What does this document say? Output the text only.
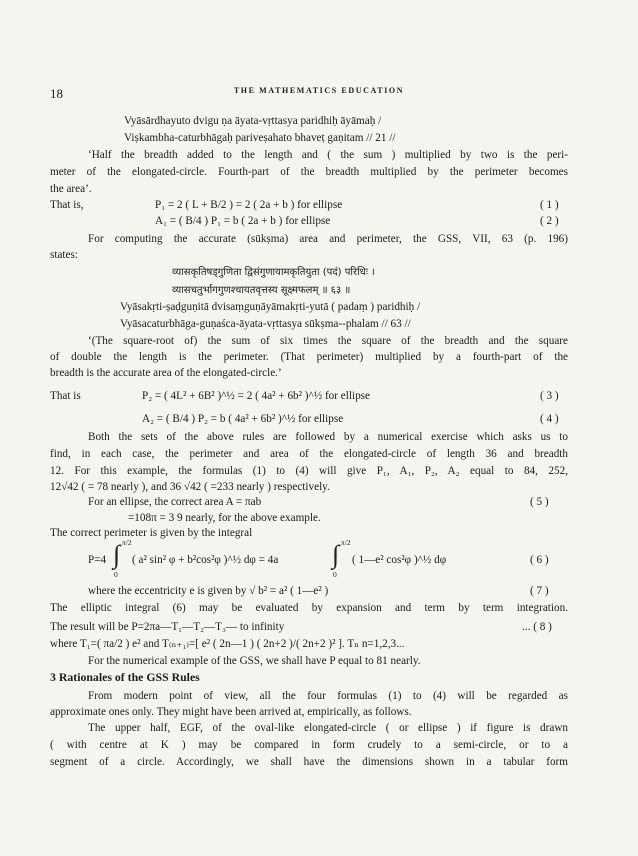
18	THE MATHEMATICS EDUCATION
Vyāsārdhayuto dvigu ṇa āyata-vṛttasya paridhiḥ āyāmaḥ /
Viṣkambha-caturbhāgaḥ pariveṣahato bhaveṭ gaṇitam // 21 //
‘Half the breadth added to the length and ( the sum ) multiplied by two is the peri-
meter of the elongated-circle. Fourth-part of the breadth multiplied by the perimeter becomes
the area’.
That is,	P₁ = 2 ( L + B/2 ) = 2 ( 2a + b ) for ellipse	( 1 )
A₁ = ( B/4 ) P₁ = b ( 2a + b ) for ellipse	( 2 )
For computing the accurate (sūkṣma) area and perimeter, the GSS, VII, 63 (p. 196)
states:
व्यासकृतिषड्गुणिता द्विसंगुणायामकृतियुता (पदं) परिधिः ।
व्यासचतुर्भागगुणश्चायतवृत्तस्य सूक्ष्मफलम् ॥ ६३ ॥
Vyāsakṛti-ṣaḍguṇitā dvisaṃguṇāyāmakṛti-yutā ( padaṃ ) paridhiḥ /
Vyāsacaturbhāga-guṇaśca-āyata-vṛttasya sūkṣma--phalam // 63 //
‘(The square-root of) the sum of six times the square of the breadth and the square
of double the length is the perimeter. (That perimeter) multiplied by a fourth-part of the
breadth is the accurate area of the elongated-circle.’
That is	P₂ = ( 4L² + 6B² )^½ = 2 ( 4a² + 6b² )^½ for ellipse	( 3 )
A₂ = ( B/4 ) P₂ = b ( 4a² + 6b² )^½ for ellipse	( 4 )
Both the sets of the above rules are followed by a numerical exercise which asks us to
find, in each case, the perimeter and area of the elongated-circle of length 36 and breadth
12. For this example, the formulas (1) to (4) will give P₁, A₁, P₂, A₂ equal to 84, 252,
12√42 ( = 78 nearly ), and 36 √42 ( =233 nearly ) respectively.
For an ellipse, the correct area A = πab	( 5 )
=108π = 3 9 nearly, for the above example.
The correct perimeter is given by the integral
P=4 ∫ π/2
0
( a² sin² φ + b²cos²φ )^½ dφ = 4a ∫ π/2
0
( 1—e² cos²φ )^½ dφ	( 6 )
where the eccentricity e is given by √ b² = a² ( 1—e² )	( 7 )
The elliptic integral (6) may be evaluated by expansion and term by term integration.
The result will be P=2πa—T₁—T₂—T₃— to infinity	... ( 8 )
where T₁=( πa/2 ) e² and T₍ₙ₊₁₎=[ e² ( 2n—1 ) ( 2n+2 )/( 2n+2 )² ]. Tₙ n=1,2,3...
For the numerical example of the GSS, we shall have P equal to 81 nearly.
3 Rationales of the GSS Rules
From modern point of view, all the four formulas (1) to (4) will be regarded as
approximate ones only. They might have been arrived at, empirically, as follows.
The upper half, EGF, of the oval-like elongated-circle ( or ellipse ) if figure is drawn
( with centre at K ) may be compared in form crudely to a semi-circle, or to a
segment of a circle. Accordingly, we shall have the dimensions shown in a tabular form
